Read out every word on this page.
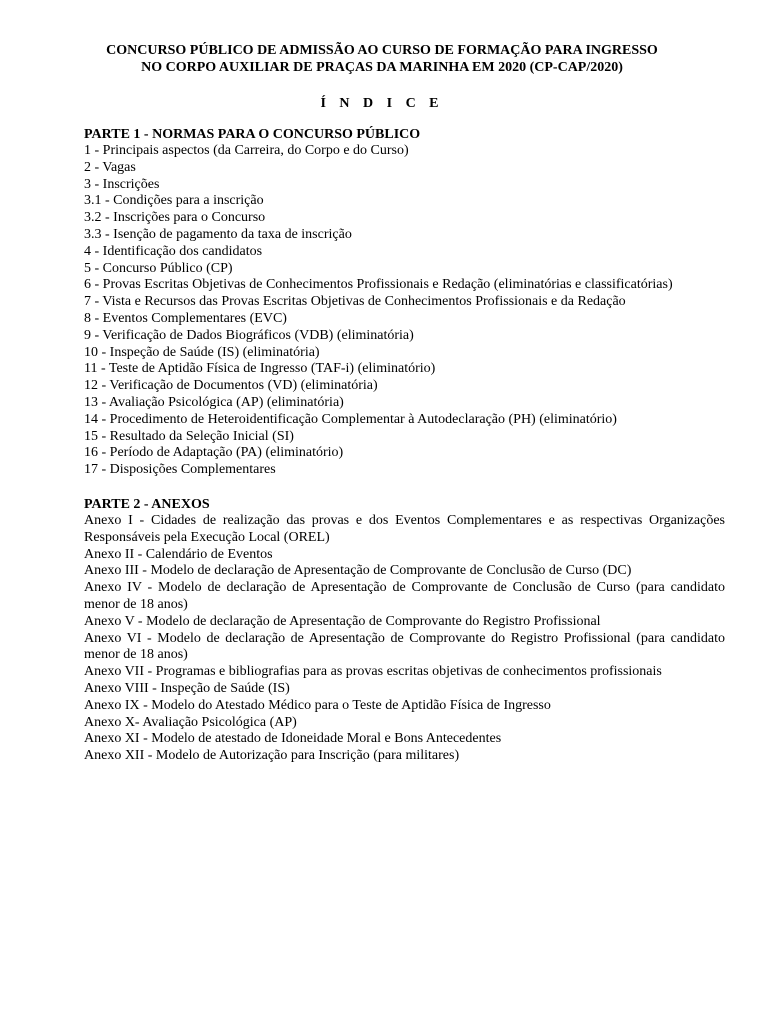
CONCURSO PÚBLICO DE ADMISSÃO AO CURSO DE FORMAÇÃO PARA INGRESSO
NO CORPO AUXILIAR DE PRAÇAS DA MARINHA EM 2020 (CP-CAP/2020)

Í N D I C E

PARTE 1 - NORMAS PARA O CONCURSO PÚBLICO

1 - Principais aspectos (da Carreira, do Corpo e do Curso)
2 - Vagas
3 - Inscrições
3.1 - Condições para a inscrição
3.2 - Inscrições para o Concurso
3.3 - Isenção de pagamento da taxa de inscrição
4 - Identificação dos candidatos
5 - Concurso Público (CP)
6 - Provas Escritas Objetivas de Conhecimentos Profissionais e Redação (eliminatórias e classificatórias)
7 - Vista e Recursos das Provas Escritas Objetivas de Conhecimentos Profissionais e da Redação
8 - Eventos Complementares (EVC)
9 - Verificação de Dados Biográficos (VDB) (eliminatória)
10 - Inspeção de Saúde (IS) (eliminatória)
11 - Teste de Aptidão Física de Ingresso (TAF-i) (eliminatório)
12 - Verificação de Documentos (VD) (eliminatória)
13 - Avaliação Psicológica (AP) (eliminatória)
14 - Procedimento de Heteroidentificação Complementar à Autodeclaração (PH) (eliminatório)
15 - Resultado da Seleção Inicial (SI)
16 - Período de Adaptação (PA) (eliminatório)
17 - Disposições Complementares

PARTE 2 - ANEXOS

Anexo I - Cidades de realização das provas e dos Eventos Complementares e as respectivas Organizações Responsáveis pela Execução Local (OREL)
Anexo II - Calendário de Eventos
Anexo III - Modelo de declaração de Apresentação de Comprovante de Conclusão de Curso (DC)
Anexo IV - Modelo de declaração de Apresentação de Comprovante de Conclusão de Curso (para candidato menor de 18 anos)
Anexo V - Modelo de declaração de Apresentação de Comprovante do Registro Profissional
Anexo VI - Modelo de declaração de Apresentação de Comprovante do Registro Profissional (para candidato menor de 18 anos)
Anexo VII - Programas e bibliografias para as provas escritas objetivas de conhecimentos profissionais
Anexo VIII - Inspeção de Saúde (IS)
Anexo IX - Modelo do Atestado Médico para o Teste de Aptidão Física de Ingresso
Anexo X- Avaliação Psicológica (AP)
Anexo XI - Modelo de atestado de Idoneidade Moral e Bons Antecedentes
Anexo XII - Modelo de Autorização para Inscrição (para militares)
